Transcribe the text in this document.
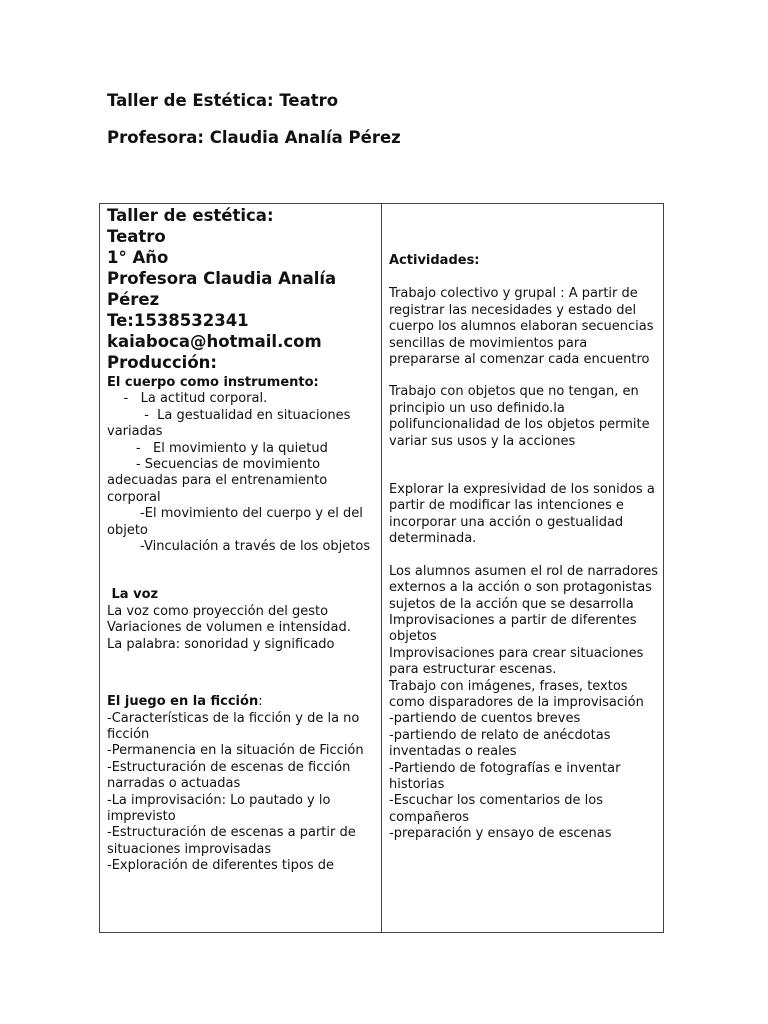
Taller de Estética: Teatro
Profesora: Claudia Analía Pérez

Taller de estética:

Teatro

1° Año

Profesora Claudia Analía

Pérez

Te:1538532341

kaiaboca@hotmail.com

Producción:

El cuerpo como instrumento:

-   La actitud corporal.

-  La gestualidad en situaciones variadas

-   El movimiento y la quietud

- Secuencias de movimiento adecuadas para el entrenamiento corporal

-El movimiento del cuerpo y el del objeto

-Vinculación a través de los objetos

La voz

La voz como proyección del gesto

Variaciones de volumen e intensidad.

La palabra: sonoridad y significado

El juego en la ficción:

-Características de la ficción y de la no ficción

-Permanencia en la situación de Ficción

-Estructuración de escenas de ficción narradas o actuadas

-La improvisación: Lo pautado y lo imprevisto

-Estructuración de escenas a partir de situaciones improvisadas

-Exploración de diferentes tipos de

Actividades:

Trabajo colectivo y grupal : A partir de registrar las necesidades y estado del cuerpo los alumnos elaboran secuencias sencillas de movimientos para prepararse al comenzar cada encuentro

Trabajo con objetos que no tengan, en principio un uso definido.la polifuncionalidad de los objetos permite variar sus usos y la acciones

Explorar la expresividad de los sonidos a partir de modificar las intenciones e incorporar una acción o gestualidad determinada.

Los alumnos asumen el rol de narradores externos a la acción o son protagonistas sujetos de la acción que se desarrolla

Improvisaciones a partir de diferentes objetos

Improvisaciones para crear situaciones para estructurar escenas.

Trabajo con imágenes, frases, textos como disparadores de la improvisación

-partiendo de cuentos breves

-partiendo de relato de anécdotas inventadas o reales

-Partiendo de fotografías e inventar historias

-Escuchar los comentarios de los compañeros

-preparación y ensayo de escenas
